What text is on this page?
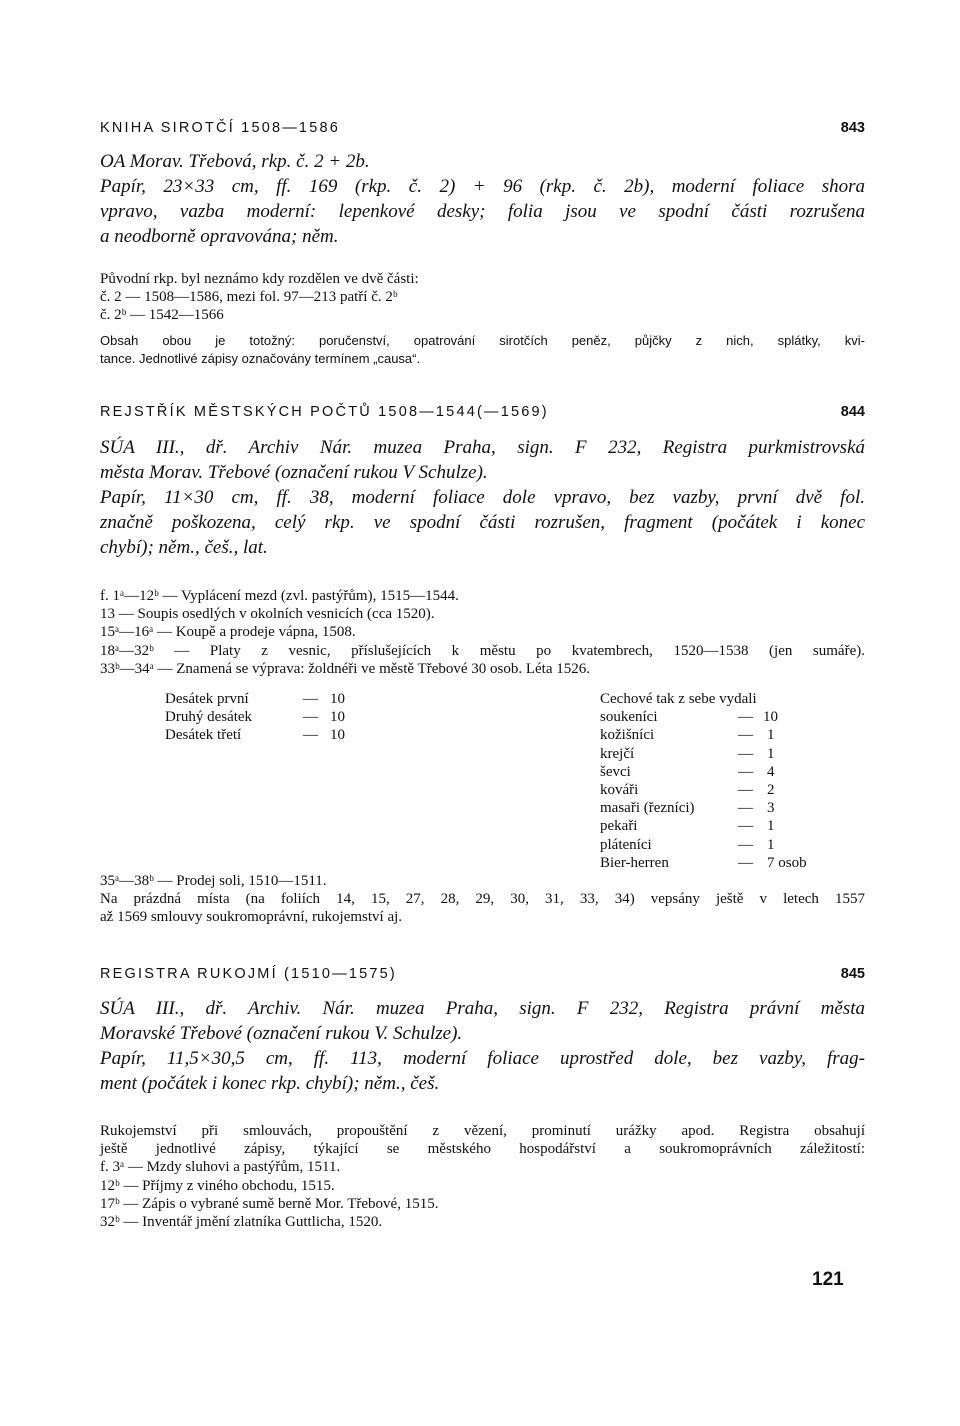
KNIHA SIROTČÍ 1508—1586	843
OA Morav. Třebová, rkp. č. 2 + 2b.
Papír, 23×33 cm, ff. 169 (rkp. č. 2) + 96 (rkp. č. 2b), moderní foliace shora
vpravo, vazba moderní: lepenkové desky; folia jsou ve spodní části rozrušena
a neodborně opravována; něm.
Původní rkp. byl neznámo kdy rozdělen ve dvě části:
č. 2 — 1508—1586, mezi fol. 97—213 patří č. 2ᵇ
č. 2ᵇ — 1542—1566
Obsah obou je totožný: poručenství, opatrování sirotčích peněz, půjčky z nich, splátky, kvi-
tance. Jednotlivé zápisy označovány termínem „causa“.
REJSTŘÍK MĚSTSKÝCH POČTŮ 1508—1544(—1569)	844
SÚA III., dř. Archiv Nár. muzea Praha, sign. F 232, Registra purkmistrovská
města Morav. Třebové (označení rukou V Schulze).
Papír, 11×30 cm, ff. 38, moderní foliace dole vpravo, bez vazby, první dvě fol.
značně poškozena, celý rkp. ve spodní části rozrušen, fragment (počátek i konec
chybí); něm., češ., lat.
f. 1ᵃ—12ᵇ — Vyplácení mezd (zvl. pastýřům), 1515—1544.
13 — Soupis osedlých v okolních vesnicích (cca 1520).
15ᵃ—16ᵃ — Koupě a prodeje vápna, 1508.
18ᵃ—32ᵇ — Platy z vesnic, příslušejících k městu po kvatembrech, 1520—1538 (jen sumáře).
33ᵇ—34ᵃ — Znamená se výprava: žoldnéři ve městě Třebové 30 osob. Léta 1526.
Desátek první	— 10
Druhý desátek	— 10
Desátek třetí	— 10
Cechové tak z sebe vydali
soukeníci	— 10
kožišníci	— 1
krejčí	— 1
ševci	— 4
kováři	— 2
masaři (řezníci)	— 3
pekaři	— 1
pláteníci	— 1
Bier-herren	— 7 osob
35ᵃ—38ᵇ — Prodej soli, 1510—1511.
Na prázdná místa (na foliích 14, 15, 27, 28, 29, 30, 31, 33, 34) vepsány ještě v letech 1557
až 1569 smlouvy soukromoprávní, rukojemství aj.
REGISTRA RUKOJMÍ (1510—1575)	845
SÚA III., dř. Archiv. Nár. muzea Praha, sign. F 232, Registra právní města
Moravské Třebové (označení rukou V. Schulze).
Papír, 11,5×30,5 cm, ff. 113, moderní foliace uprostřed dole, bez vazby, frag-
ment (počátek i konec rkp. chybí); něm., češ.
Rukojemství při smlouvách, propouštění z vězení, prominutí urážky apod. Registra obsahují
ještě jednotlivé zápisy, týkající se městského hospodářství a soukromoprávních záležitostí:
f. 3ᵃ — Mzdy sluhovi a pastýřům, 1511.
12ᵇ — Příjmy z viného obchodu, 1515.
17ᵇ — Zápis o vybrané sumě berně Mor. Třebové, 1515.
32ᵇ — Inventář jmění zlatníka Guttlicha, 1520.
121
